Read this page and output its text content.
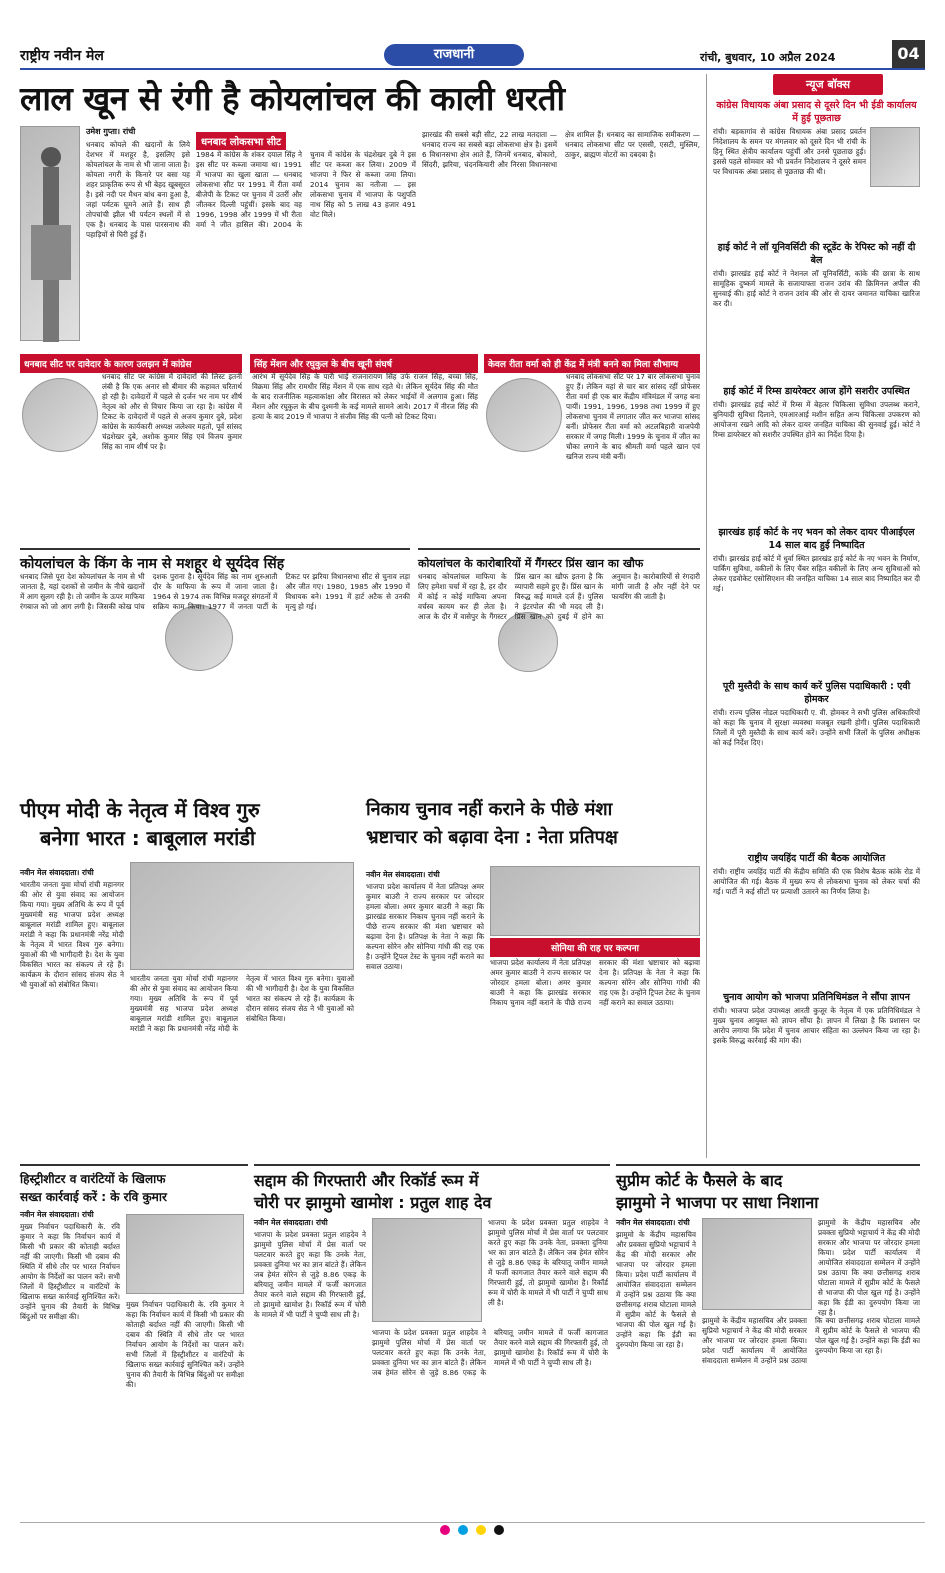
राष्ट्रीय नवीन मेल	राजधानी	रांची, बुधवार, 10 अप्रैल 2024	04
लाल खून से रंगी है कोयलांचल की काली धरती
उमेश गुप्ता। रांची
धनबाद कोयले की खदानों के लिये देशभर में मशहूर है, इसलिए इसे कोयलांचल के नाम से भी जाना जाता है। कोयला नगरी के किनारे पर बसा यह शहर प्राकृतिक रूप से भी बेहद खूबसूरत है। इसे नदी पर मैथन बांध बना हुआ है, जहां पर्यटक घूमने आते हैं। साथ ही तोपचांची झील भी पर्यटन स्थलों में से एक है। धनबाद के पास पारसनाथ की पहाड़ियों से घिरी हुई हैं।
धनबाद लोकसभा सीट
1984 में कांग्रेस के शंकर दयाल सिंह ने इस सीट पर कब्जा जमाया था। 1991 में भाजपा का खुला खाता — धनबाद लोकसभा सीट पर 1991 में रीता वर्मा बीजेपी के टिकट पर चुनाव में उतरीं और जीतकर दिल्ली पहुंचीं। इसके बाद वह 1996, 1998 और 1999 में भी रीता वर्मा ने जीत हासिल की। 2004 के चुनाव में कांग्रेस के चंद्रशेखर दुबे ने इस सीट पर कब्जा कर लिया। 2009 में भाजपा ने फिर से कब्जा जमा लिया। 2014 चुनाव का नतीजा — इस लोकसभा चुनाव में भाजपा के पशुपति नाथ सिंह को 5 लाख 43 हजार 491 वोट मिले।
झारखंड की सबसे बड़ी सीट, 22 लाख मतदाता — धनबाद राज्य का सबसे बड़ा लोकसभा क्षेत्र है। इसमें 6 विधानसभा क्षेत्र आते हैं, जिनमें धनबाद, बोकारो, सिंदरी, झरिया, चंदनकियारी और निरसा विधानसभा क्षेत्र शामिल हैं। धनबाद का सामाजिक समीकरण — धनबाद लोकसभा सीट पर एससी, एसटी, मुस्लिम, ठाकुर, ब्राह्मण वोटरों का दबदबा है।
धनबाद सीट पर दावेदार के कारण उलझन में कांग्रेस	सिंह मेंशन और रघुकुल के बीच खूनी संघर्ष	केवल रीता वर्मा को ही केंद्र में मंत्री बनने का मिला सौभाग्य
धनबाद सीट पर कांग्रेस में दावेदारों की लिस्ट इतनी लंबी है कि एक अनार सौ बीमार की कहावत चरितार्थ हो रही है। दावेदारों में पहले से दर्जन भर नाम पर शीर्ष नेतृत्व को और से विचार किया जा रहा है। कांग्रेस में टिकट के दावेदारों में पहले से अजय कुमार दुबे, प्रदेश कांग्रेस के कार्यकारी अध्यक्ष जलेश्वर महतो, पूर्व सांसद चंद्रशेखर दुबे, अशोक कुमार सिंह एवं विजय कुमार सिंह का नाम शीर्ष पर है।
आरंभ में सूर्यदेव सिंह के पारी भाई राजनारायण सिंह उर्फ राजन सिंह, बच्चा सिंह, विक्रमा सिंह और रामधीर सिंह मेंशन में एक साथ रहते थे। लेकिन सूर्यदेव सिंह की मौत के बाद राजनीतिक महत्वाकांक्षा और विरासत को लेकर भाईयों में अलगाव हुआ। सिंह मेंशन और रघुकुल के बीच दुश्मनी के कई मामले सामने आये। 2017 में नीरज सिंह की हत्या के बाद 2019 में भाजपा ने संजीव सिंह की पत्नी को टिकट दिया।
धनबाद लोकसभा सीट पर 17 बार लोकसभा चुनाव हुए हैं। लेकिन यहां से चार बार सांसद रहीं प्रोफेसर रीता वर्मा ही एक बार केंद्रीय मंत्रिमंडल में जगह बना पायीं। 1991, 1996, 1998 तथा 1999 में हुए लोकसभा चुनाव में लगातार जीत कर भाजपा सांसद बनीं। प्रोफेसर रीता वर्मा को अटलबिहारी वाजपेयी सरकार में जगह मिली। 1999 के चुनाव में जीत का चौका लगाने के बाद श्रीमती वर्मा पहले खान एवं खनिज राज्य मंत्री बनीं।
कोयलांचल के किंग के नाम से मशहूर थे सूर्यदेव सिंह
धनबाद जिसे पूरा देश कोयलांचल के नाम से भी जानता है, यहां दशकों से जमीन के नीचे खदानों में आग सुलग रही है। तो जमीन के ऊपर माफिया रंगबाज को जो आग लगी है। जिसकी कोख पांच दशक पुराना है। सूर्यदेव सिंह का नाम शुरुआती दौर के माफिया के रूप में जाना जाता है। 1964 से 1974 तक विभिन्न मजदूर संगठनों में सक्रिय काम किया। 1977 में जनता पार्टी के टिकट पर झरिया विधानसभा सीट से चुनाव लड़ा और जीत गए। 1980, 1985 और 1990 में विधायक बने। 1991 में हार्ट अटैक से उनकी मृत्यु हो गई।
कोयलांचल के कारोबारियों में गैंगस्टर प्रिंस खान का खौफ
धनबाद कोयलांचल माफिया के लिए हमेशा चर्चा में रहा है, हर दौर में कोई न कोई माफिया अपना वर्चस्व कायम कर ही लेता है। आज के दौर में वासेपुर के गैंगस्टर प्रिंस खान का खौफ इतना है कि व्यापारी सहमे हुए हैं। प्रिंस खान के विरुद्ध कई मामले दर्ज हैं। पुलिस ने इंटरपोल की भी मदद ली है। प्रिंस खान को दुबई में होने का अनुमान है। कारोबारियों से रंगदारी मांगी जाती है और नहीं देने पर फायरिंग की जाती है।
पीएम मोदी के नेतृत्व में विश्व गुरु
बनेगा भारत : बाबूलाल मरांडी
नवीन मेल संवाददाता। रांची
भारतीय जनता युवा मोर्चा रांची महानगर की ओर से युवा संवाद का आयोजन किया गया। मुख्य अतिथि के रूप में पूर्व मुख्यमंत्री सह भाजपा प्रदेश अध्यक्ष बाबूलाल मरांडी शामिल हुए। बाबूलाल मरांडी ने कहा कि प्रधानमंत्री नरेंद्र मोदी के नेतृत्व में भारत विश्व गुरु बनेगा। युवाओं की भी भागीदारी है। देश के युवा विकसित भारत का संकल्प ले रहे हैं। कार्यक्रम के दौरान सांसद संजय सेठ ने भी युवाओं को संबोधित किया।
भारतीय जनता युवा मोर्चा रांची महानगर की ओर से युवा संवाद का आयोजन किया गया। मुख्य अतिथि के रूप में पूर्व मुख्यमंत्री सह भाजपा प्रदेश अध्यक्ष बाबूलाल मरांडी शामिल हुए। बाबूलाल मरांडी ने कहा कि प्रधानमंत्री नरेंद्र मोदी के नेतृत्व में भारत विश्व गुरु बनेगा। युवाओं की भी भागीदारी है। देश के युवा विकसित भारत का संकल्प ले रहे हैं। कार्यक्रम के दौरान सांसद संजय सेठ ने भी युवाओं को संबोधित किया।
निकाय चुनाव नहीं कराने के पीछे मंशा
भ्रष्टाचार को बढ़ावा देना : नेता प्रतिपक्ष
नवीन मेल संवाददाता। रांची
सोनिया की राह पर कल्पना
भाजपा प्रदेश कार्यालय में नेता प्रतिपक्ष अमर कुमार बाउरी ने राज्य सरकार पर जोरदार हमला बोला। अमर कुमार बाउरी ने कहा कि झारखंड सरकार निकाय चुनाव नहीं कराने के पीछे राज्य सरकार की मंशा भ्रष्टाचार को बढ़ावा देना है। प्रतिपक्ष के नेता ने कहा कि कल्पना सोरेन और सोनिया गांधी की राह एक है। उन्होंने ट्रिपल टेस्ट के चुनाव नहीं कराने का सवाल उठाया।	भाजपा प्रदेश कार्यालय में नेता प्रतिपक्ष अमर कुमार बाउरी ने राज्य सरकार पर जोरदार हमला बोला। अमर कुमार बाउरी ने कहा कि झारखंड सरकार निकाय चुनाव नहीं कराने के पीछे राज्य सरकार की मंशा भ्रष्टाचार को बढ़ावा देना है। प्रतिपक्ष के नेता ने कहा कि कल्पना सोरेन और सोनिया गांधी की राह एक है। उन्होंने ट्रिपल टेस्ट के चुनाव नहीं कराने का सवाल उठाया।
हिस्ट्रीशीटर व वारंटियों के खिलाफ
सख्त कार्रवाई करें : के रवि कुमार
नवीन मेल संवाददाता। रांची
मुख्य निर्वाचन पदाधिकारी के. रवि कुमार ने कहा कि निर्वाचन कार्य में किसी भी प्रकार की कोताही बर्दाश्त नहीं की जाएगी। किसी भी दबाव की स्थिति में सीधे तौर पर भारत निर्वाचन आयोग के निर्देशों का पालन करें। सभी जिलों में हिस्ट्रीशीटर व वारंटियों के खिलाफ सख्त कार्रवाई सुनिश्चित करें। उन्होंने चुनाव की तैयारी के विभिन्न बिंदुओं पर समीक्षा की।
मुख्य निर्वाचन पदाधिकारी के. रवि कुमार ने कहा कि निर्वाचन कार्य में किसी भी प्रकार की कोताही बर्दाश्त नहीं की जाएगी। किसी भी दबाव की स्थिति में सीधे तौर पर भारत निर्वाचन आयोग के निर्देशों का पालन करें। सभी जिलों में हिस्ट्रीशीटर व वारंटियों के खिलाफ सख्त कार्रवाई सुनिश्चित करें। उन्होंने चुनाव की तैयारी के विभिन्न बिंदुओं पर समीक्षा की।
सद्दाम की गिरफ्तारी और रिकॉर्ड रूम में
चोरी पर झामुमो खामोश : प्रतुल शाह देव
नवीन मेल संवाददाता। रांची
भाजपा के प्रदेश प्रवक्ता प्रतुल शाहदेव ने झामुमो पुलिस मोर्चा में प्रेस वार्ता पर पलटवार करते हुए कहा कि उनके नेता, प्रवक्ता दुनिया भर का ज्ञान बांटते हैं। लेकिन जब हेमंत सोरेन से जुड़े 8.86 एकड़ के बरियातू जमीन मामले में फर्जी कागजात तैयार करने वाले सद्दाम की गिरफ्तारी हुई, तो झामुमो खामोश है। रिकॉर्ड रूम में चोरी के मामले में भी पार्टी ने चुप्पी साध ली है।
भाजपा के प्रदेश प्रवक्ता प्रतुल शाहदेव ने झामुमो पुलिस मोर्चा में प्रेस वार्ता पर पलटवार करते हुए कहा कि उनके नेता, प्रवक्ता दुनिया भर का ज्ञान बांटते हैं। लेकिन जब हेमंत सोरेन से जुड़े 8.86 एकड़ के बरियातू जमीन मामले में फर्जी कागजात तैयार करने वाले सद्दाम की गिरफ्तारी हुई, तो झामुमो खामोश है। रिकॉर्ड रूम में चोरी के मामले में भी पार्टी ने चुप्पी साध ली है।
भाजपा के प्रदेश प्रवक्ता प्रतुल शाहदेव ने झामुमो पुलिस मोर्चा में प्रेस वार्ता पर पलटवार करते हुए कहा कि उनके नेता, प्रवक्ता दुनिया भर का ज्ञान बांटते हैं। लेकिन जब हेमंत सोरेन से जुड़े 8.86 एकड़ के बरियातू जमीन मामले में फर्जी कागजात तैयार करने वाले सद्दाम की गिरफ्तारी हुई, तो झामुमो खामोश है। रिकॉर्ड रूम में चोरी के मामले में भी पार्टी ने चुप्पी साध ली है।
सुप्रीम कोर्ट के फैसले के बाद
झामुमो ने भाजपा पर साधा निशाना
नवीन मेल संवाददाता। रांची
झामुमो के केंद्रीय महासचिव और प्रवक्ता सुप्रियो भट्टाचार्य ने केंद्र की मोदी सरकार और भाजपा पर जोरदार हमला किया। प्रदेश पार्टी कार्यालय में आयोजित संवाददाता सम्मेलन में उन्होंने प्रश्न उठाया कि क्या छत्तीसगढ़ शराब घोटाला मामले में सुप्रीम कोर्ट के फैसले से भाजपा की पोल खुल गई है। उन्होंने कहा कि ईडी का दुरुपयोग किया जा रहा है।
झामुमो के केंद्रीय महासचिव और प्रवक्ता सुप्रियो भट्टाचार्य ने केंद्र की मोदी सरकार और भाजपा पर जोरदार हमला किया। प्रदेश पार्टी कार्यालय में आयोजित संवाददाता सम्मेलन में उन्होंने प्रश्न उठाया कि क्या छत्तीसगढ़ शराब घोटाला मामले में सुप्रीम कोर्ट के फैसले से भाजपा की पोल खुल गई है। उन्होंने कहा कि ईडी का दुरुपयोग किया जा रहा है।
झामुमो के केंद्रीय महासचिव और प्रवक्ता सुप्रियो भट्टाचार्य ने केंद्र की मोदी सरकार और भाजपा पर जोरदार हमला किया। प्रदेश पार्टी कार्यालय में आयोजित संवाददाता सम्मेलन में उन्होंने प्रश्न उठाया कि क्या छत्तीसगढ़ शराब घोटाला मामले में सुप्रीम कोर्ट के फैसले से भाजपा की पोल खुल गई है। उन्होंने कहा कि ईडी का दुरुपयोग किया जा रहा है।
न्यूज बॉक्स
कांग्रेस विधायक अंबा प्रसाद से दूसरे दिन भी ईडी कार्यालय में हुई पूछताछ
रांची। बड़कागांव से कांग्रेस विधायक अंबा प्रसाद प्रवर्तन निदेशालय के समन पर मंगलवार को दूसरे दिन भी रांची के हिनू स्थित क्षेत्रीय कार्यालय पहुंचीं और उनसे पूछताछ हुई। इससे पहले सोमवार को भी प्रवर्तन निदेशालय ने दूसरे समन पर विधायक अंबा प्रसाद से पूछताछ की थी।
हाई कोर्ट ने लॉ यूनिवर्सिटी की स्टूडेंट के रेपिस्ट को नहीं दी बेल
रांची। झारखंड हाई कोर्ट ने नेशनल लॉ यूनिवर्सिटी, कांके की छात्रा के साथ सामूहिक दुष्कर्म मामले के सजायाफ्ता राजन उरांव की क्रिमिनल अपील की सुनवाई की। हाई कोर्ट ने राजन उरांव की ओर से दायर जमानत याचिका खारिज कर दी।
हाई कोर्ट में रिम्स डायरेक्टर आज होंगे सशरीर उपस्थित
रांची। झारखंड हाई कोर्ट में रिम्स में बेहतर चिकित्सा सुविधा उपलब्ध कराने, बुनियादी सुविधा दिलाने, एमआरआई मशीन सहित अन्य चिकित्सा उपकरण को आयोजना रखने आदि को लेकर दायर जनहित याचिका की सुनवाई हुई। कोर्ट ने रिम्स डायरेक्टर को सशरीर उपस्थित होने का निर्देश दिया है।
झारखंड हाई कोर्ट के नए भवन को लेकर दायर पीआईएल 14 साल बाद हुई निष्पादित
रांची। झारखंड हाई कोर्ट में धुर्वा स्थित झारखंड हाई कोर्ट के नए भवन के निर्माण, पार्किंग सुविधा, वकीलों के लिए चैंबर सहित वकीलों के लिए अन्य सुविधाओं को लेकर एडवोकेट एसोसिएशन की जनहित याचिका 14 साल बाद निष्पादित कर दी गई।
पूरी मुस्तैदी के साथ कार्य करें पुलिस पदाधिकारी : एवी होमकर
रांची। राज्य पुलिस नोडल पदाधिकारी ए. वी. होमकर ने सभी पुलिस अधिकारियों को कहा कि चुनाव में सुरक्षा व्यवस्था मजबूत रखनी होगी। पुलिस पदाधिकारी जिलों में पूरी मुस्तैदी के साथ कार्य करें। उन्होंने सभी जिलों के पुलिस अधीक्षक को कई निर्देश दिए।
राष्ट्रीय जयहिंद पार्टी की बैठक आयोजित
रांची। राष्ट्रीय जयहिंद पार्टी की केंद्रीय समिति की एक विशेष बैठक कांके रोड में आयोजित की गई। बैठक में मुख्य रूप से लोकसभा चुनाव को लेकर चर्चा की गई। पार्टी ने कई सीटों पर प्रत्याशी उतारने का निर्णय लिया है।
चुनाव आयोग को भाजपा प्रतिनिधिमंडल ने सौंपा ज्ञापन
रांची। भाजपा प्रदेश उपाध्यक्ष आरती कुजूर के नेतृत्व में एक प्रतिनिधिमंडल ने मुख्य चुनाव आयुक्त को ज्ञापन सौंपा है। ज्ञापन में लिखा है कि प्रशासन पर आरोप लगाया कि प्रदेश में चुनाव आचार संहिता का उल्लंघन किया जा रहा है। इसके विरुद्ध कार्रवाई की मांग की।
